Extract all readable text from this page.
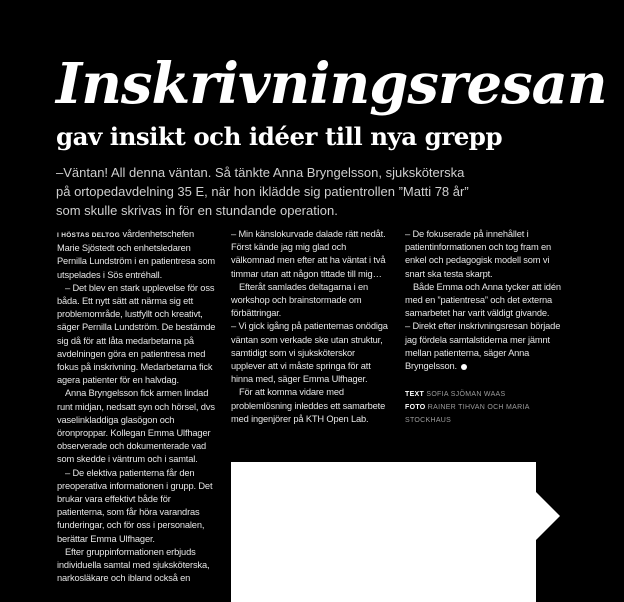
Inskrivningsresan
gav insikt och idéer till nya grepp
–Väntan! All denna väntan. Så tänkte Anna Bryngelsson, sjuksköterska på ortopedavdelning 35 E, när hon iklädde sig patientrollen ”Matti 78 år” som skulle skrivas in för en stundande operation.

I HÖSTAS DELTOG vårdenhetschefen Marie Sjöstedt och enhetsledaren Pernilla Lundström i en patientresa som utspelades i Sös entréhall.

– Det blev en stark upplevelse för oss båda. Ett nytt sätt att närma sig ett problemområde, lustfyllt och kreativt, säger Pernilla Lundström. De bestämde sig då för att låta medarbetarna på avdelningen göra en patientresa med fokus på inskrivning. Medarbetarna fick agera patienter för en halvdag.

Anna Bryngelsson fick armen lindad runt midjan, nedsatt syn och hörsel, dvs vaselinkladdiga glasögon och öronproppar. Kollegan Emma Ulfhager observerade och dokumenterade vad som skedde i väntrum och i samtal.

– De elektiva patienterna får den preoperativa informationen i grupp. Det brukar vara effektivt både för patienterna, som får höra varandras funderingar, och för oss i personalen, berättar Emma Ulfhager.

Efter gruppinformationen erbjuds individuella samtal med sjuksköterska, narkosläkare och ibland också en

– Min känslokurvade dalade rätt nedåt. Först kände jag mig glad och välkomnad men efter att ha väntat i två timmar utan att någon tittade till mig…

Efteråt samlades deltagarna i en workshop och brainstormade om förbättringar.

– Vi gick igång på patienternas onödiga väntan som verkade ske utan struktur, samtidigt som vi sjuksköterskor upplever att vi måste springa för att hinna med, säger Emma Ulfhager.

För att komma vidare med problemlösning inleddes ett samarbete med ingenjörer på KTH Open Lab.

– De fokuserade på innehållet i patientinformationen och tog fram en enkel och pedagogisk modell som vi snart ska testa skarpt.

Både Emma och Anna tycker att idén med en ”patientresa” och det externa samarbetet har varit väldigt givande.

– Direkt efter inskrivningsresan började jag fördela samtalstiderna mer jämnt mellan patienterna, säger Anna Bryngelsson.

TEXT SOFIA SJÖMAN WAAS
FOTO RAINER TIHVAN OCH MARIA STOCKHAUS
